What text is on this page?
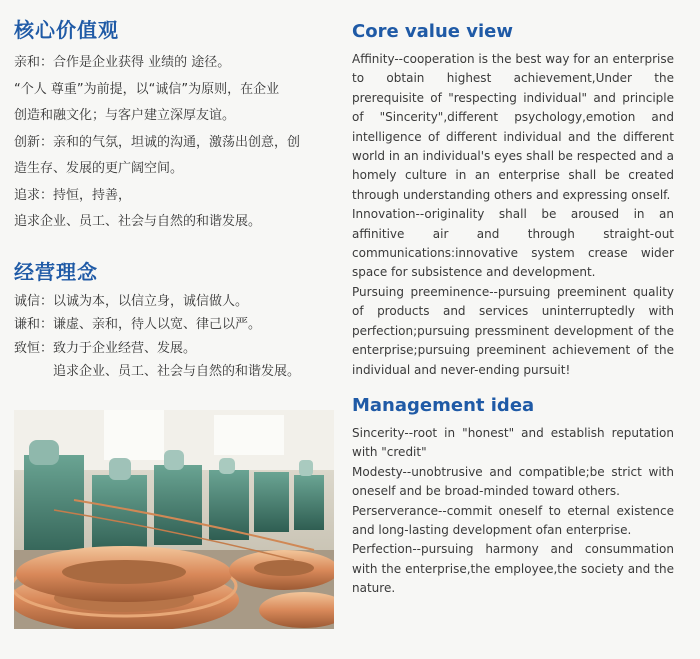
核心价值观
亲和：合作是企业获得 业绩的 途径。
“个人 尊重”为前提，以“诚信”为原则，在企业
创造和融文化；与客户建立深厚友谊。
创新：亲和的气氛，坦诚的沟通，激荡出创意，创
造生存、发展的更广阔空间。
追求：持恒，持善，
追求企业、员工、社会与自然的和谐发展。
经营理念
诚信：以诚为本，以信立身，诚信做人。
谦和：谦虚、亲和，待人以宽、律己以严。
致恒：致力于企业经营、发展。
追求企业、员工、社会与自然的和谐发展。
Core value view

Affinity--cooperation is the best way for an enterprise to obtain highest achievement,Under the prerequisite of "respecting individual" and principle of "Sincerity",different psychology,emotion and intelligence of different individual and the different world in an individual's eyes shall be respected and a homely culture in an enterprise shall be created through understanding others and expressing onself.

Innovation--originality shall be aroused in an affinitive air and through straight-out communications:innovative system crease wider space for subsistence and development.

Pursuing preeminence--pursuing preeminent quality of products and services uninterruptedly with perfection;pursuing pressminent development of the enterprise;pursuing preeminent achievement of the individual and never-ending pursuit!

Management idea

Sincerity--root in "honest" and establish reputation with "credit"

Modesty--unobtrusive and compatible;be strict with oneself and be broad-minded toward others.

Perserverance--commit oneself to eternal existence and long-lasting development ofan enterprise.

Perfection--pursuing harmony and consummation with the enterprise,the employee,the society and the nature.
